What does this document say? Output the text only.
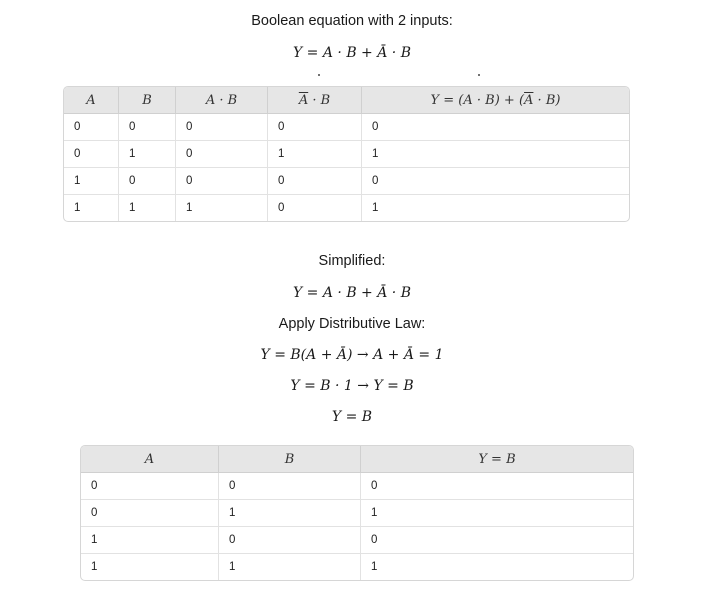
Boolean equation with 2 inputs:
Y = A · B + Ā · B
A	B	A · B	$\overline{A} \cdot B$	$Y = (A \cdot B) + (\overline{A} \cdot B)$
0	0	0	0	0
0	1	0	1	1
1	0	0	0	0
1	1	1	0	1
Simplified:
Y = A · B + Ā · B
Apply Distributive Law:
Y = B(A + Ā) → A + Ā = 1
Y = B · 1 → Y = B
Y = B
A	B	Y = B
0	0	0
0	1	1
1	0	0
1	1	1
